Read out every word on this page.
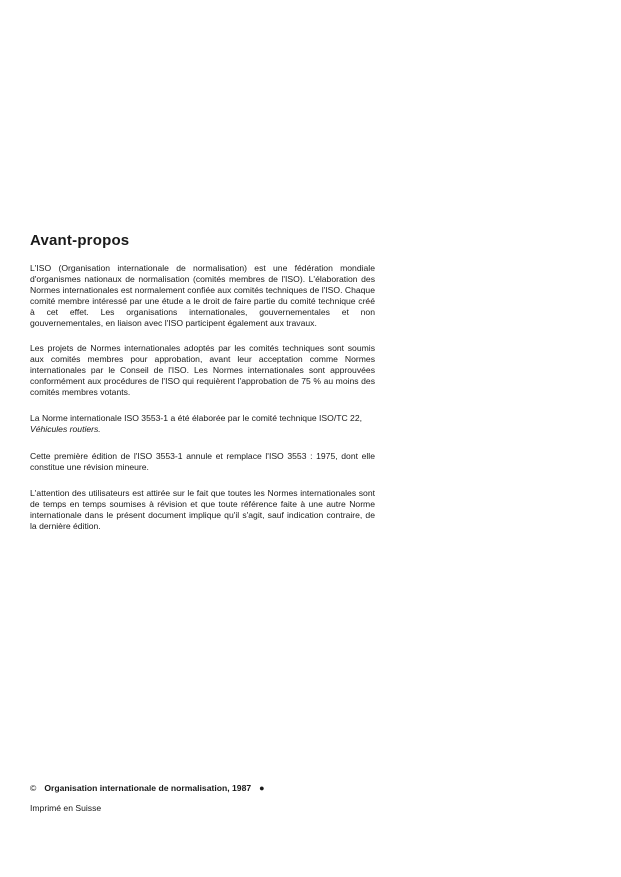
Avant-propos

L'ISO (Organisation internationale de normalisation) est une fédération mondiale d'organismes nationaux de normalisation (comités membres de l'ISO). L'élaboration des Normes internationales est normalement confiée aux comités techniques de l'ISO. Chaque comité membre intéressé par une étude a le droit de faire partie du comité technique créé à cet effet. Les organisations internationales, gouvernementales et non gouvernementales, en liaison avec l'ISO participent également aux travaux.

Les projets de Normes internationales adoptés par les comités techniques sont soumis aux comités membres pour approbation, avant leur acceptation comme Normes internationales par le Conseil de l'ISO. Les Normes internationales sont approuvées conformément aux procédures de l'ISO qui requièrent l'approbation de 75 % au moins des comités membres votants.

La Norme internationale ISO 3553-1 a été élaborée par le comité technique ISO/TC 22,
Véhicules routiers.

Cette première édition de l'ISO 3553-1 annule et remplace l'ISO 3553 : 1975, dont elle constitue une révision mineure.

L'attention des utilisateurs est attirée sur le fait que toutes les Normes internationales sont de temps en temps soumises à révision et que toute référence faite à une autre Norme internationale dans le présent document implique qu'il s'agit, sauf indication contraire, de la dernière édition.

© Organisation internationale de normalisation, 1987 ●
Imprimé en Suisse
